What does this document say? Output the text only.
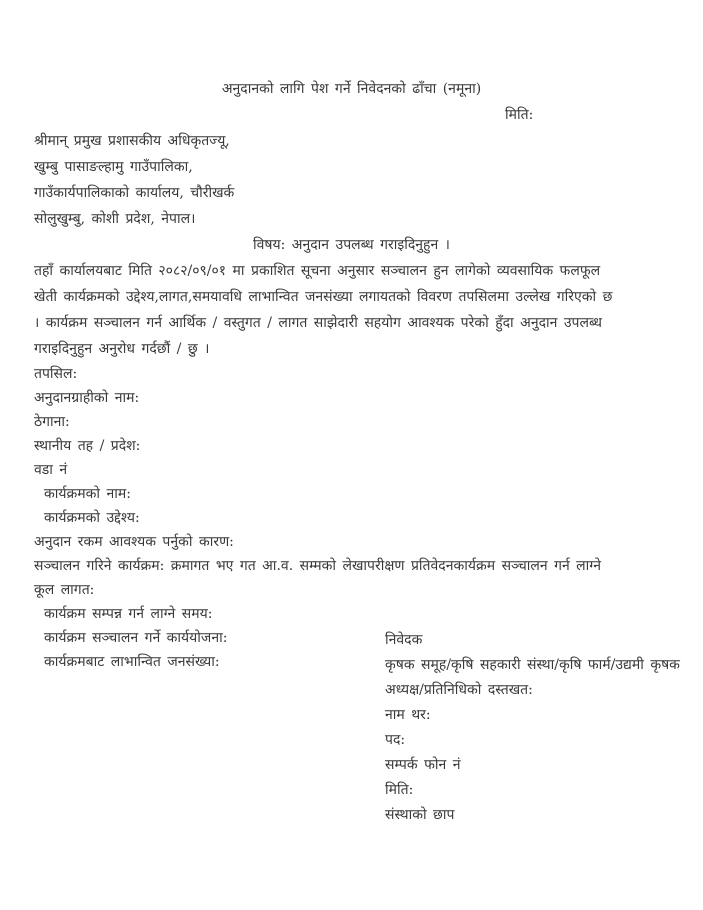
अनुदानको लागि पेश गर्ने निवेदनको ढाँचा (नमूना)
मिति:
श्रीमान् प्रमुख प्रशासकीय अधिकृतज्यू,
खुम्बु पासाङल्हामु गाउँपालिका,
गाउँकार्यपालिकाको कार्यालय, चौरीखर्क
सोलुखुम्बु, कोशी प्रदेश, नेपाल।
विषय: अनुदान उपलब्ध गराइदिनुहुन ।
तहाँ कार्यालयबाट मिति २०८२/०९/०१ मा प्रकाशित सूचना अनुसार सञ्चालन हुन लागेको व्यवसायिक फलफूल
खेती कार्यक्रमको उद्देश्य,लागत,समयावधि लाभान्वित जनसंख्या लगायतको विवरण तपसिलमा उल्लेख गरिएको छ
। कार्यक्रम सञ्चालन गर्न आर्थिक / वस्तुगत / लागत साझेदारी सहयोग आवश्यक परेको हुँदा अनुदान उपलब्ध
गराइदिनुहुन अनुरोध गर्दछौं / छु ।
तपसिल:
अनुदानग्राहीको नाम:
ठेगाना:
स्थानीय तह / प्रदेश:
वडा नं
कार्यक्रमको नाम:
कार्यक्रमको उद्देश्य:
अनुदान रकम आवश्यक पर्नुको कारण:
सञ्चालन गरिने कार्यक्रम: क्रमागत भए गत आ.व. सम्मको लेखापरीक्षण प्रतिवेदनकार्यक्रम सञ्चालन गर्न लाग्ने
कूल लागत:
कार्यक्रम सम्पन्न गर्न लाग्ने समय:
कार्यक्रम सञ्चालन गर्ने कार्ययोजना:
कार्यक्रमबाट लाभान्वित जनसंख्या:
निवेदक
कृषक समूह/कृषि सहकारी संस्था/कृषि फार्म/उद्यमी कृषक
अध्यक्ष/प्रतिनिधिको दस्तखत:
नाम थर:
पद:
सम्पर्क फोन नं
मिति:
संस्थाको छाप
